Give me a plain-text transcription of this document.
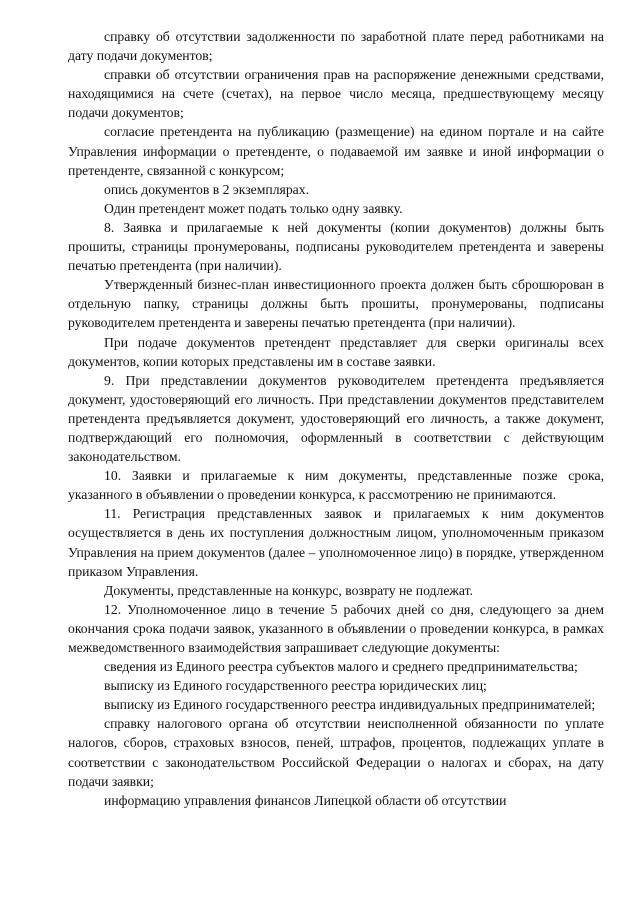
справку об отсутствии задолженности по заработной плате перед работниками на дату подачи документов;

справки об отсутствии ограничения прав на распоряжение денежными средствами, находящимися на счете (счетах), на первое число месяца, предшествующему месяцу подачи документов;

согласие претендента на публикацию (размещение) на едином портале и на сайте Управления информации о претенденте, о подаваемой им заявке и иной информации о претенденте, связанной с конкурсом;

опись документов в 2 экземплярах.

Один претендент может подать только одну заявку.

8. Заявка и прилагаемые к ней документы (копии документов) должны быть прошиты, страницы пронумерованы, подписаны руководителем претендента и заверены печатью претендента (при наличии).

Утвержденный бизнес-план инвестиционного проекта должен быть сброшюрован в отдельную папку, страницы должны быть прошиты, пронумерованы, подписаны руководителем претендента и заверены печатью претендента (при наличии).

При подаче документов претендент представляет для сверки оригиналы всех документов, копии которых представлены им в составе заявки.

9. При представлении документов руководителем претендента предъявляется документ, удостоверяющий его личность. При представлении документов представителем претендента предъявляется документ, удостоверяющий его личность, а также документ, подтверждающий его полномочия, оформленный в соответствии с действующим законодательством.

10. Заявки и прилагаемые к ним документы, представленные позже срока, указанного в объявлении о проведении конкурса, к рассмотрению не принимаются.

11. Регистрация представленных заявок и прилагаемых к ним документов осуществляется в день их поступления должностным лицом, уполномоченным приказом Управления на прием документов (далее – уполномоченное лицо) в порядке, утвержденном приказом Управления.

Документы, представленные на конкурс, возврату не подлежат.

12. Уполномоченное лицо в течение 5 рабочих дней со дня, следующего за днем окончания срока подачи заявок, указанного в объявлении о проведении конкурса, в рамках межведомственного взаимодействия запрашивает следующие документы:

сведения из Единого реестра субъектов малого и среднего предпринимательства;

выписку из Единого государственного реестра юридических лиц;

выписку из Единого государственного реестра индивидуальных предпринимателей;

справку налогового органа об отсутствии неисполненной обязанности по уплате налогов, сборов, страховых взносов, пеней, штрафов, процентов, подлежащих уплате в соответствии с законодательством Российской Федерации о налогах и сборах, на дату подачи заявки;

информацию управления финансов Липецкой области об отсутствии
